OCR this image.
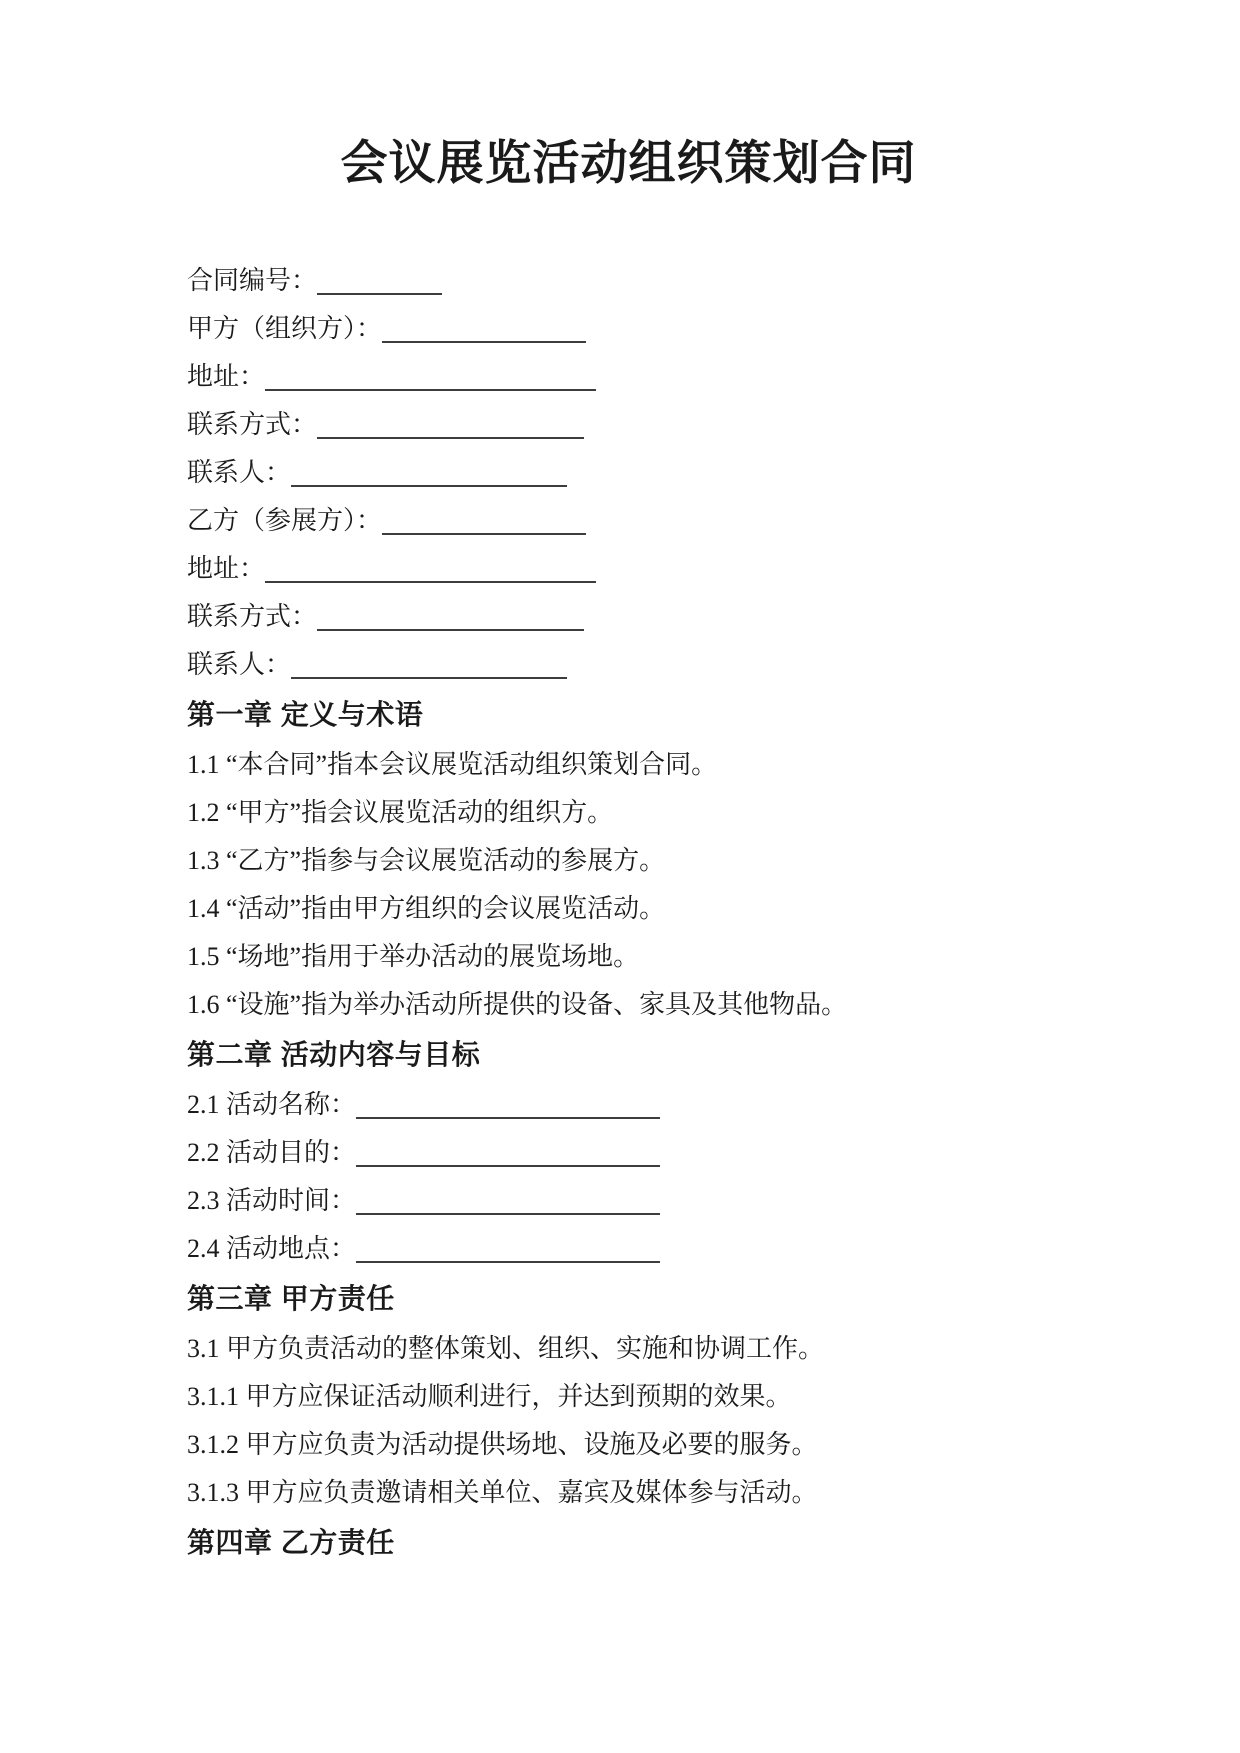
会议展览活动组织策划合同

合同编号：

甲方（组织方）：

地址：

联系方式：

联系人：

乙方（参展方）：

地址：

联系方式：

联系人：

第一章 定义与术语

1.1 “本合同”指本会议展览活动组织策划合同。

1.2 “甲方”指会议展览活动的组织方。

1.3 “乙方”指参与会议展览活动的参展方。

1.4 “活动”指由甲方组织的会议展览活动。

1.5 “场地”指用于举办活动的展览场地。

1.6 “设施”指为举办活动所提供的设备、家具及其他物品。

第二章 活动内容与目标

2.1 活动名称：

2.2 活动目的：

2.3 活动时间：

2.4 活动地点：

第三章 甲方责任

3.1 甲方负责活动的整体策划、组织、实施和协调工作。

3.1.1 甲方应保证活动顺利进行，并达到预期的效果。

3.1.2 甲方应负责为活动提供场地、设施及必要的服务。

3.1.3 甲方应负责邀请相关单位、嘉宾及媒体参与活动。

第四章 乙方责任
